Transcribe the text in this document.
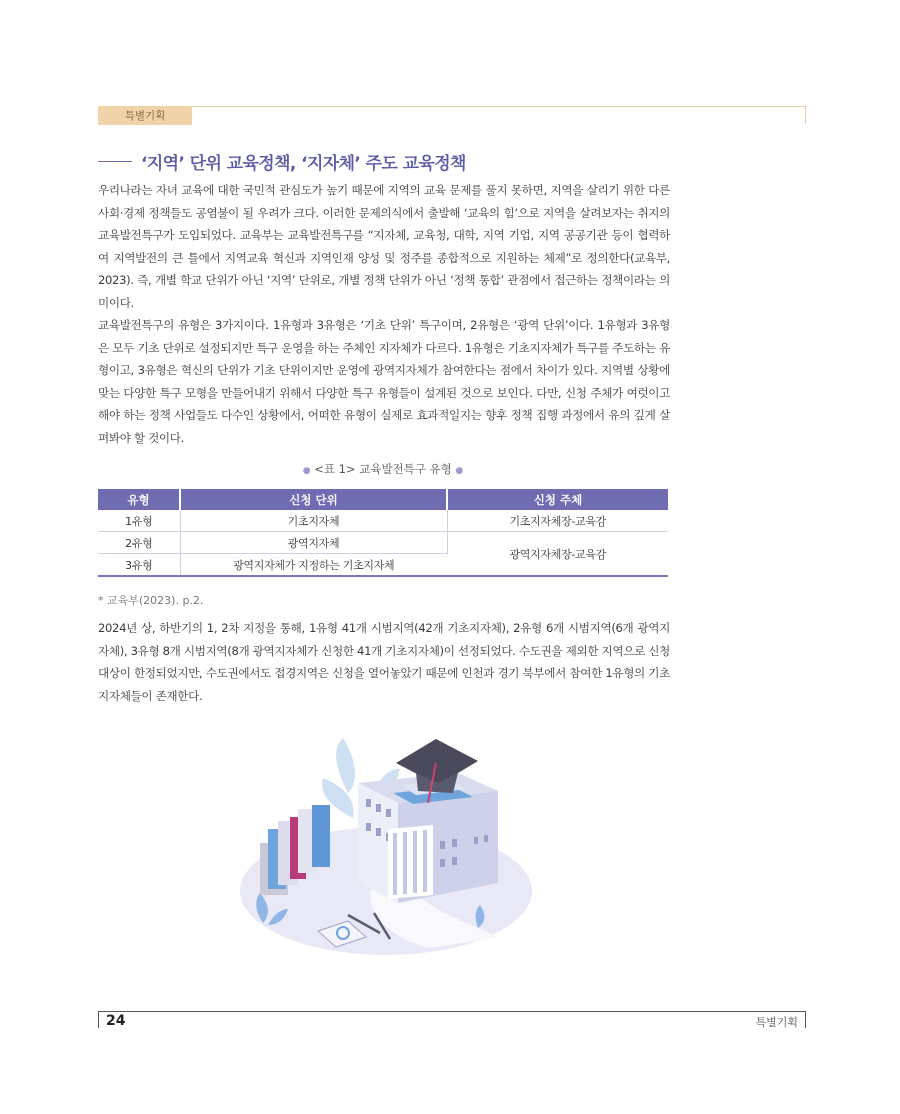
특별기획
‘지역’ 단위 교육정책, ‘지자체’ 주도 교육정책

우리나라는 자녀 교육에 대한 국민적 관심도가 높기 때문에 지역의 교육 문제를 풀지 못하면, 지역을 살리기 위한 다른 사회·경제 정책들도 공염불이 될 우려가 크다. 이러한 문제의식에서 출발해 ‘교육의 힘’으로 지역을 살려보자는 취지의 교육발전특구가 도입되었다. 교육부는 교육발전특구를 “지자체, 교육청, 대학, 지역 기업, 지역 공공기관 등이 협력하여 지역발전의 큰 틀에서 지역교육 혁신과 지역인재 양성 및 정주를 종합적으로 지원하는 체제”로 정의한다(교육부, 2023). 즉, 개별 학교 단위가 아닌 ‘지역’ 단위로, 개별 정책 단위가 아닌 ‘정책 통합’ 관점에서 접근하는 정책이라는 의미이다.

교육발전특구의 유형은 3가지이다. 1유형과 3유형은 ‘기초 단위’ 특구이며, 2유형은 ‘광역 단위’이다. 1유형과 3유형은 모두 기초 단위로 설정되지만 특구 운영을 하는 주체인 지자체가 다르다. 1유형은 기초지자체가 특구를 주도하는 유형이고, 3유형은 혁신의 단위가 기초 단위이지만 운영에 광역지자체가 참여한다는 점에서 차이가 있다. 지역별 상황에 맞는 다양한 특구 모형을 만들어내기 위해서 다양한 특구 유형들이 설계된 것으로 보인다. 다만, 신청 주체가 여럿이고 해야 하는 정책 사업들도 다수인 상황에서, 어떠한 유형이 실제로 효과적일지는 향후 정책 집행 과정에서 유의 깊게 살펴봐야 할 것이다.

● <표 1> 교육발전특구 유형 ●
유형	신청 단위	신청 주체
1유형	기초지자체	기초지자체장-교육감
2유형	광역지자체	광역지자체장-교육감
3유형	광역지자체가 지정하는 기초지자체	
* 교육부(2023). p.2.

2024년 상, 하반기의 1, 2차 지정을 통해, 1유형 41개 시범지역(42개 기초지자체), 2유형 6개 시범지역(6개 광역지자체), 3유형 8개 시범지역(8개 광역지자체가 신청한 41개 기초지자체)이 선정되었다. 수도권을 제외한 지역으로 신청 대상이 한정되었지만, 수도권에서도 접경지역은 신청을 열어놓았기 때문에 인천과 경기 북부에서 참여한 1유형의 기초지자체들이 존재한다.

24	특별기획
